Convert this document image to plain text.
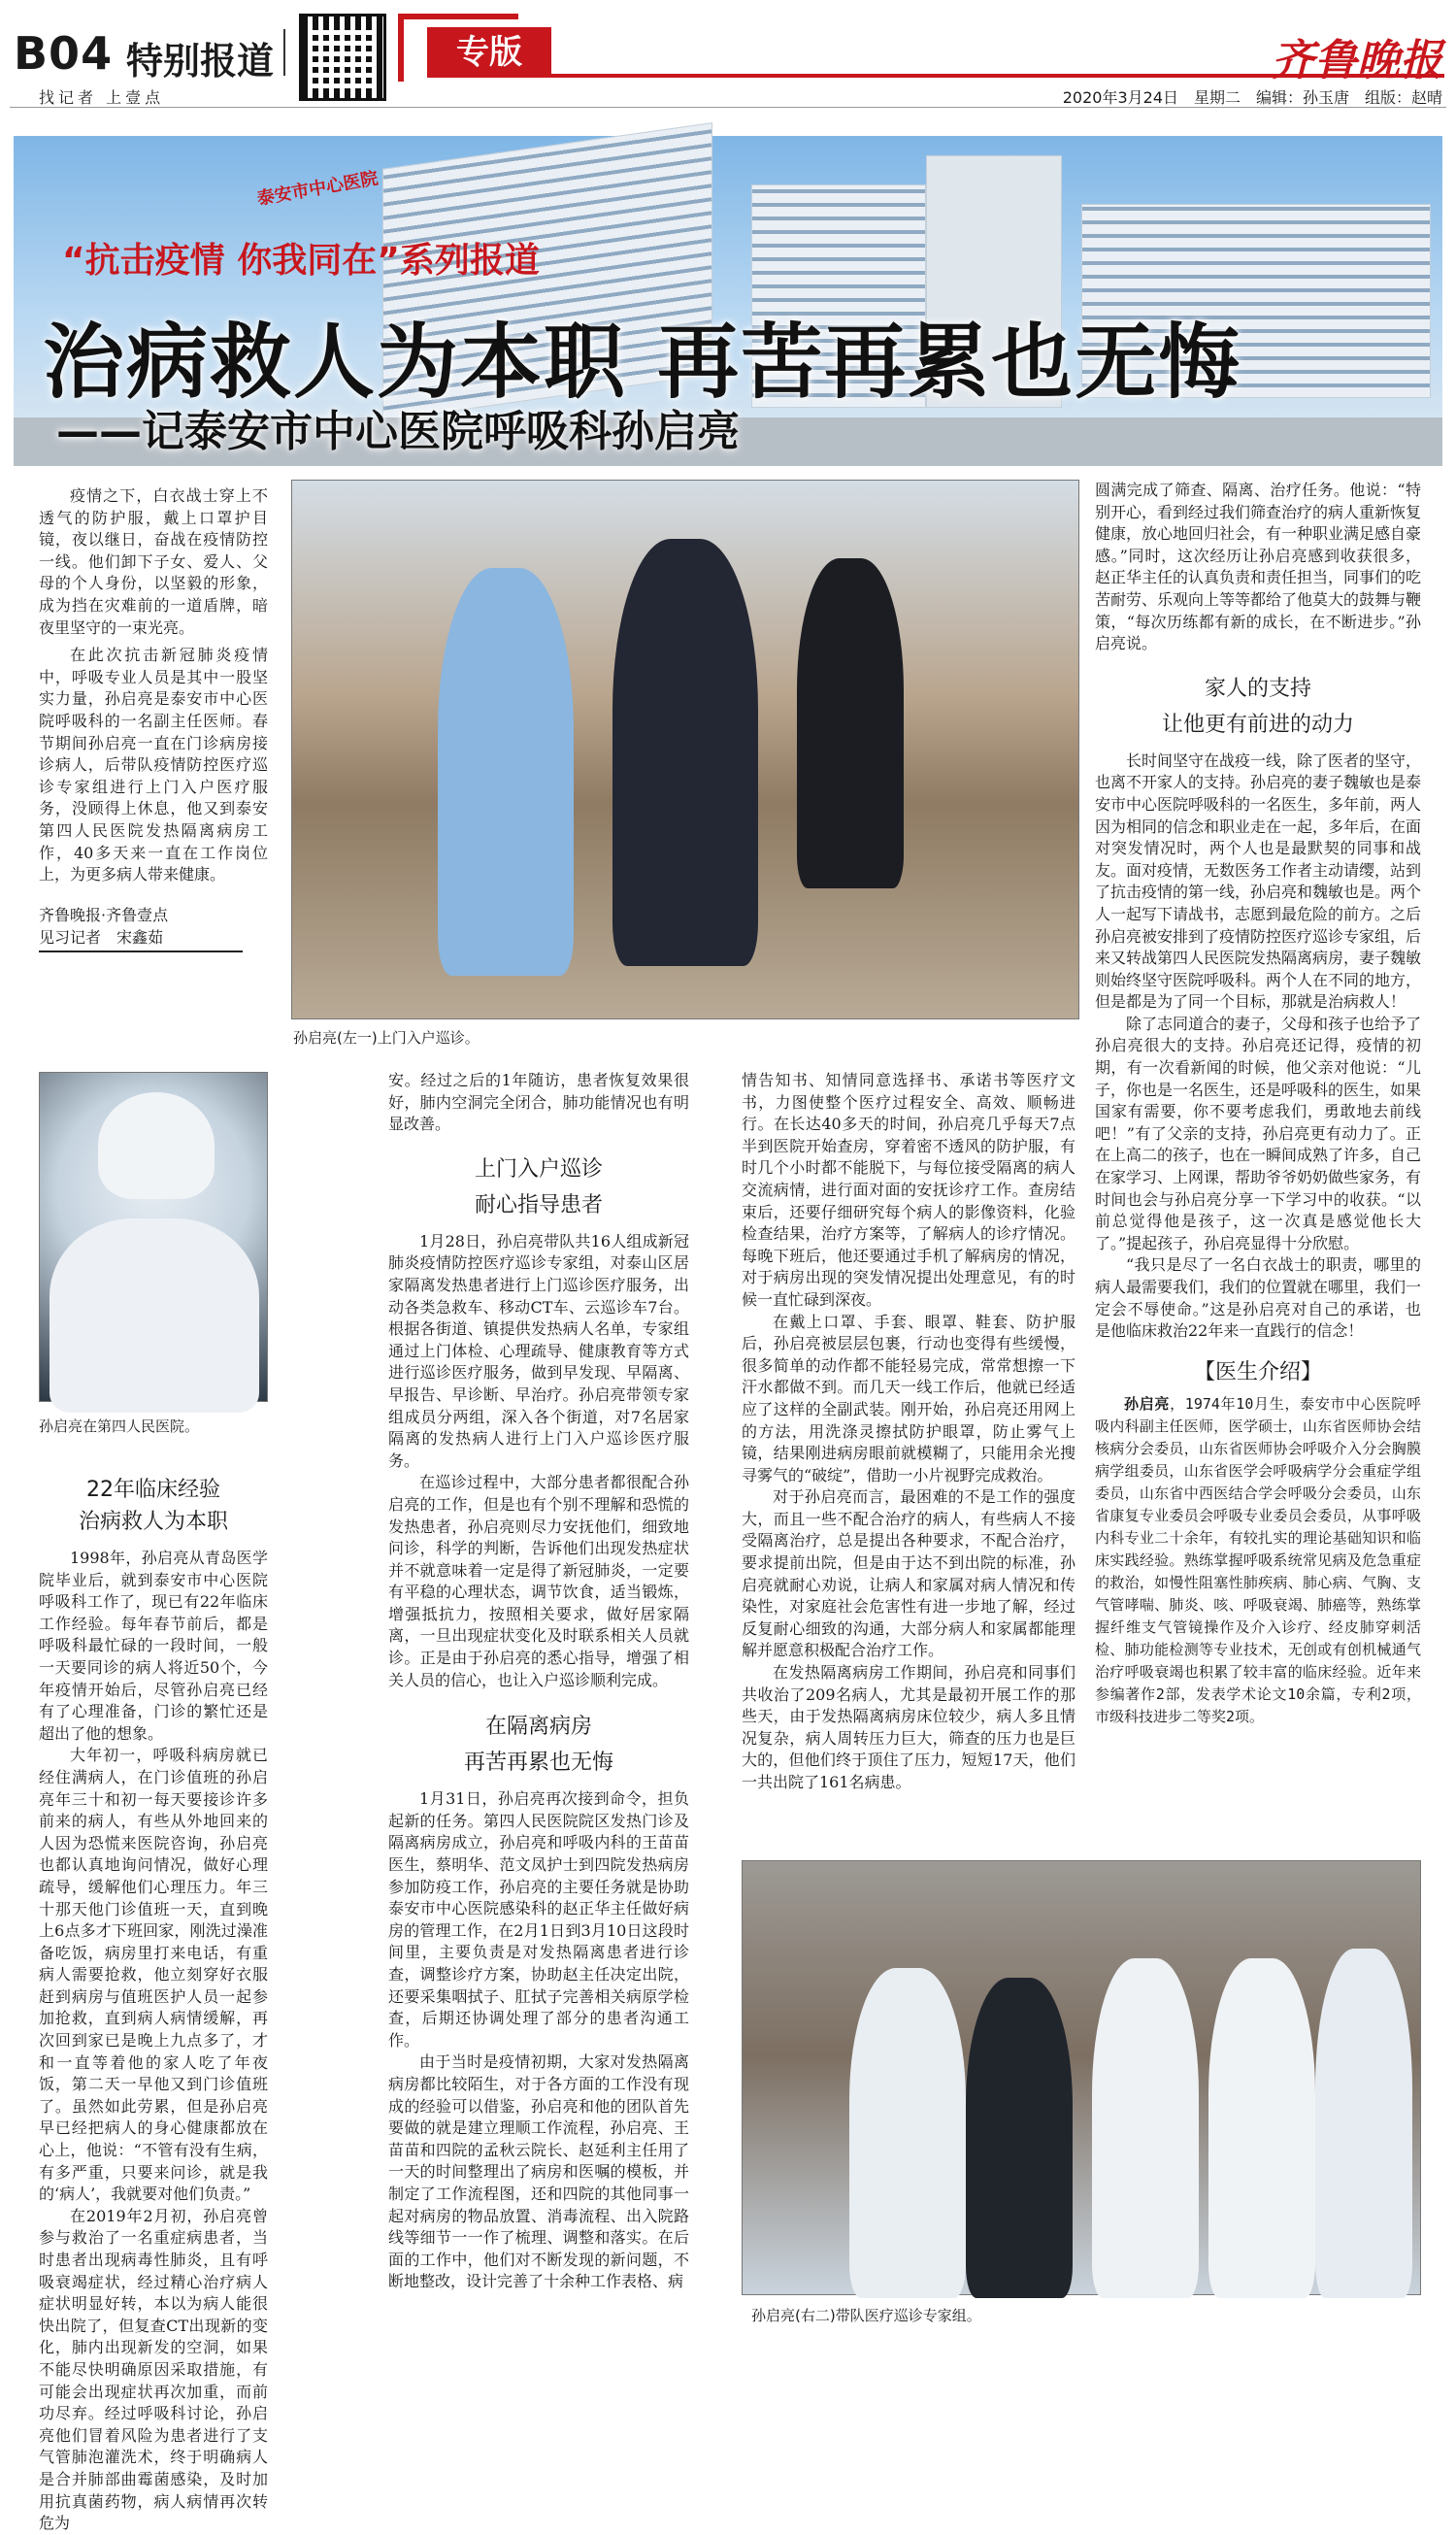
B04 特别报道	专版	齐鲁晚报
找记者 上壹点	2020年3月24日　星期二　编辑：孙玉唐　组版：赵晴
泰安市中心医院
“抗击疫情 你我同在”系列报道
治病救人为本职 再苦再累也无悔
——记泰安市中心医院呼吸科孙启亮

疫情之下，白衣战士穿上不透气的防护服，戴上口罩护目镜，夜以继日，奋战在疫情防控一线。他们卸下子女、爱人、父母的个人身份，以坚毅的形象，成为挡在灾难前的一道盾牌，暗夜里坚守的一束光亮。

在此次抗击新冠肺炎疫情中，呼吸专业人员是其中一股坚实力量，孙启亮是泰安市中心医院呼吸科的一名副主任医师。春节期间孙启亮一直在门诊病房接诊病人，后带队疫情防控医疗巡诊专家组进行上门入户医疗服务，没顾得上休息，他又到泰安第四人民医院发热隔离病房工作，40多天来一直在工作岗位上，为更多病人带来健康。

齐鲁晚报·齐鲁壹点
见习记者　宋鑫茹
孙启亮(左一)上门入户巡诊。
孙启亮在第四人民医院。
22年临床经验
治病救人为本职

1998年，孙启亮从青岛医学院毕业后，就到泰安市中心医院呼吸科工作了，现已有22年临床工作经验。每年春节前后，都是呼吸科最忙碌的一段时间，一般一天要同诊的病人将近50个，今年疫情开始后，尽管孙启亮已经有了心理准备，门诊的繁忙还是超出了他的想象。

大年初一，呼吸科病房就已经住满病人，在门诊值班的孙启亮年三十和初一每天要接诊许多前来的病人，有些从外地回来的人因为恐慌来医院咨询，孙启亮也都认真地询问情况，做好心理疏导，缓解他们心理压力。年三十那天他门诊值班一天，直到晚上6点多才下班回家，刚洗过澡准备吃饭，病房里打来电话，有重病人需要抢救，他立刻穿好衣服赶到病房与值班医护人员一起参加抢救，直到病人病情缓解，再次回到家已是晚上九点多了，才和一直等着他的家人吃了年夜饭，第二天一早他又到门诊值班了。虽然如此劳累，但是孙启亮早已经把病人的身心健康都放在心上，他说：“不管有没有生病，有多严重，只要来问诊，就是我的‘病人’，我就要对他们负责。”

在2019年2月初，孙启亮曾参与救治了一名重症病患者，当时患者出现病毒性肺炎，且有呼吸衰竭症状，经过精心治疗病人症状明显好转，本以为病人能很快出院了，但复查CT出现新的变化，肺内出现新发的空洞，如果不能尽快明确原因采取措施，有可能会出现症状再次加重，而前功尽弃。经过呼吸科讨论，孙启亮他们冒着风险为患者进行了支气管肺泡灌洗术，终于明确病人是合并肺部曲霉菌感染，及时加用抗真菌药物，病人病情再次转危为

安。经过之后的1年随访，患者恢复效果很好，肺内空洞完全闭合，肺功能情况也有明显改善。

上门入户巡诊
耐心指导患者

1月28日，孙启亮带队共16人组成新冠肺炎疫情防控医疗巡诊专家组，对泰山区居家隔离发热患者进行上门巡诊医疗服务，出动各类急救车、移动CT车、云巡诊车7台。根据各街道、镇提供发热病人名单，专家组通过上门体检、心理疏导、健康教育等方式进行巡诊医疗服务，做到早发现、早隔离、早报告、早诊断、早治疗。孙启亮带领专家组成员分两组，深入各个街道，对7名居家隔离的发热病人进行上门入户巡诊医疗服务。

在巡诊过程中，大部分患者都很配合孙启亮的工作，但是也有个别不理解和恐慌的发热患者，孙启亮则尽力安抚他们，细致地问诊，科学的判断，告诉他们出现发热症状并不就意味着一定是得了新冠肺炎，一定要有平稳的心理状态，调节饮食，适当锻炼，增强抵抗力，按照相关要求，做好居家隔离，一旦出现症状变化及时联系相关人员就诊。正是由于孙启亮的悉心指导，增强了相关人员的信心，也让入户巡诊顺利完成。

在隔离病房
再苦再累也无悔

1月31日，孙启亮再次接到命令，担负起新的任务。第四人民医院院区发热门诊及隔离病房成立，孙启亮和呼吸内科的王苗苗医生，蔡明华、范文凤护士到四院发热病房参加防疫工作，孙启亮的主要任务就是协助泰安市中心医院感染科的赵正华主任做好病房的管理工作，在2月1日到3月10日这段时间里，主要负责是对发热隔离患者进行诊查，调整诊疗方案，协助赵主任决定出院，还要采集咽拭子、肛拭子完善相关病原学检查，后期还协调处理了部分的患者沟通工作。

由于当时是疫情初期，大家对发热隔离病房都比较陌生，对于各方面的工作没有现成的经验可以借鉴，孙启亮和他的团队首先要做的就是建立理顺工作流程，孙启亮、王苗苗和四院的孟秋云院长、赵延利主任用了一天的时间整理出了病房和医嘱的模板，并制定了工作流程图，还和四院的其他同事一起对病房的物品放置、消毒流程、出入院路线等细节一一作了梳理、调整和落实。在后面的工作中，他们对不断发现的新问题，不断地整改，设计完善了十余种工作表格、病

情告知书、知情同意选择书、承诺书等医疗文书，力图使整个医疗过程安全、高效、顺畅进行。在长达40多天的时间，孙启亮几乎每天7点半到医院开始查房，穿着密不透风的防护服，有时几个小时都不能脱下，与每位接受隔离的病人交流病情，进行面对面的安抚诊疗工作。查房结束后，还要仔细研究每个病人的影像资料，化验检查结果，治疗方案等，了解病人的诊疗情况。每晚下班后，他还要通过手机了解病房的情况，对于病房出现的突发情况提出处理意见，有的时候一直忙碌到深夜。

在戴上口罩、手套、眼罩、鞋套、防护服后，孙启亮被层层包裹，行动也变得有些缓慢，很多简单的动作都不能轻易完成，常常想擦一下汗水都做不到。而几天一线工作后，他就已经适应了这样的全副武装。刚开始，孙启亮还用网上的方法，用洗涤灵擦拭防护眼罩，防止雾气上镜，结果刚进病房眼前就模糊了，只能用余光搜寻雾气的“破绽”，借助一小片视野完成救治。

对于孙启亮而言，最困难的不是工作的强度大，而且一些不配合治疗的病人，有些病人不接受隔离治疗，总是提出各种要求，不配合治疗，要求提前出院，但是由于达不到出院的标准，孙启亮就耐心劝说，让病人和家属对病人情况和传染性，对家庭社会危害性有进一步地了解，经过反复耐心细致的沟通，大部分病人和家属都能理解并愿意积极配合治疗工作。

在发热隔离病房工作期间，孙启亮和同事们共收治了209名病人，尤其是最初开展工作的那些天，由于发热隔离病房床位较少，病人多且情况复杂，病人周转压力巨大，筛查的压力也是巨大的，但他们终于顶住了压力，短短17天，他们一共出院了161名病患。

圆满完成了筛查、隔离、治疗任务。他说：“特别开心，看到经过我们筛查治疗的病人重新恢复健康，放心地回归社会，有一种职业满足感自豪感。”同时，这次经历让孙启亮感到收获很多，赵正华主任的认真负责和责任担当，同事们的吃苦耐劳、乐观向上等等都给了他莫大的鼓舞与鞭策，“每次历练都有新的成长，在不断进步。”孙启亮说。

家人的支持
让他更有前进的动力

长时间坚守在战疫一线，除了医者的坚守，也离不开家人的支持。孙启亮的妻子魏敏也是泰安市中心医院呼吸科的一名医生，多年前，两人因为相同的信念和职业走在一起，多年后，在面对突发情况时，两个人也是最默契的同事和战友。面对疫情，无数医务工作者主动请缨，站到了抗击疫情的第一线，孙启亮和魏敏也是。两个人一起写下请战书，志愿到最危险的前方。之后孙启亮被安排到了疫情防控医疗巡诊专家组，后来又转战第四人民医院发热隔离病房，妻子魏敏则始终坚守医院呼吸科。两个人在不同的地方，但是都是为了同一个目标，那就是治病救人！

除了志同道合的妻子，父母和孩子也给予了孙启亮很大的支持。孙启亮还记得，疫情的初期，有一次看新闻的时候，他父亲对他说：“儿子，你也是一名医生，还是呼吸科的医生，如果国家有需要，你不要考虑我们，勇敢地去前线吧！”有了父亲的支持，孙启亮更有动力了。正在上高二的孩子，也在一瞬间成熟了许多，自己在家学习、上网课，帮助爷爷奶奶做些家务，有时间也会与孙启亮分享一下学习中的收获。“以前总觉得他是孩子，这一次真是感觉他长大了。”提起孩子，孙启亮显得十分欣慰。

“我只是尽了一名白衣战士的职责，哪里的病人最需要我们，我们的位置就在哪里，我们一定会不辱使命。”这是孙启亮对自己的承诺，也是他临床救治22年来一直践行的信念！

【医生介绍】

孙启亮，1974年10月生，泰安市中心医院呼吸内科副主任医师，医学硕士，山东省医师协会结核病分会委员，山东省医师协会呼吸介入分会胸膜病学组委员，山东省医学会呼吸病学分会重症学组委员，山东省中西医结合学会呼吸分会委员，山东省康复专业委员会呼吸专业委员会委员，从事呼吸内科专业二十余年，有较扎实的理论基础知识和临床实践经验。熟练掌握呼吸系统常见病及危急重症的救治，如慢性阻塞性肺疾病、肺心病、气胸、支气管哮喘、肺炎、咳、呼吸衰竭、肺癌等，熟练掌握纤维支气管镜操作及介入诊疗、经皮肺穿刺活检、肺功能检测等专业技术，无创或有创机械通气治疗呼吸衰竭也积累了较丰富的临床经验。近年来参编著作2部，发表学术论文10余篇，专利2项，市级科技进步二等奖2项。

孙启亮(右二)带队医疗巡诊专家组。
